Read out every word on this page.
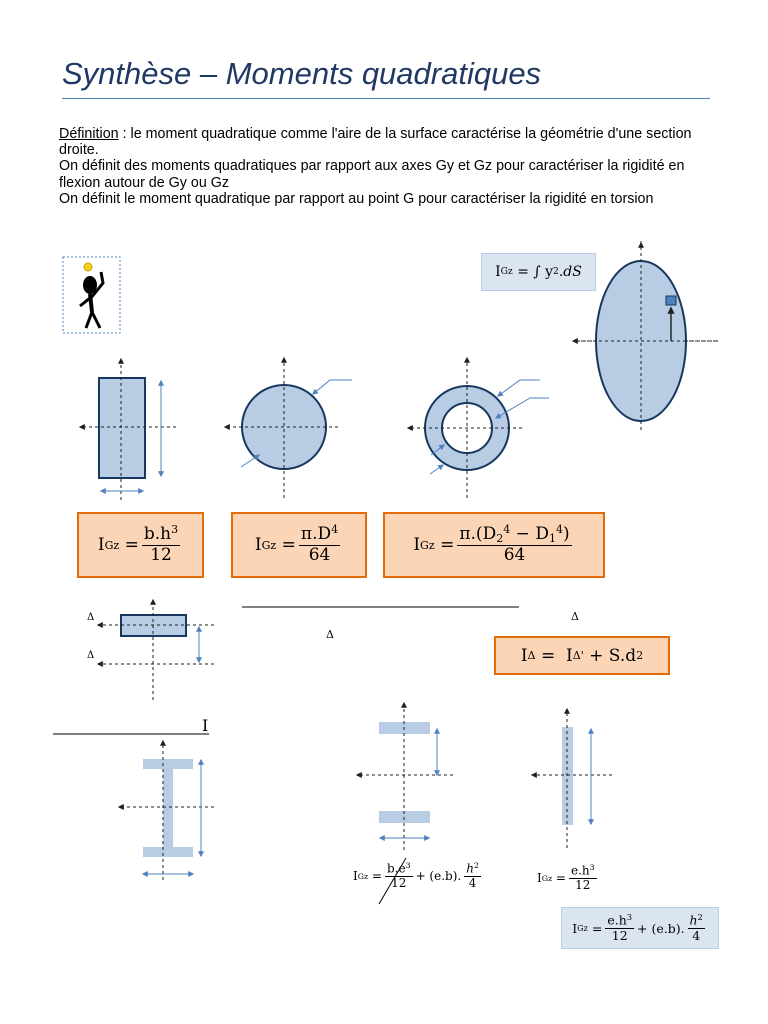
Synthèse – Moments quadratiques

Définition : le moment quadratique comme l'aire de la surface caractérise la géométrie d'une section droite.

On définit des moments quadratiques par rapport aux axes Gy et Gz pour caractériser la rigidité en flexion autour de Gy ou Gz

On définit le moment quadratique par rapport au point G pour caractériser la rigidité en torsion

I Gz
= ∫ y 2 .dS
I Gz
= $\frac{b.h^3}{12}$	I Gz
= $\frac{\pi.D^4}{64}$	I Gz
= $\frac{\pi.(D_2^4 - D_1^4)}{64}$
I Δ
=
I Δ'
+ S.d 2
Δ
Δ
Δ
Δ
I
I Gz
= $\frac{b.e^3}{12} + (e.b)$. $\frac{h^2}{4}$	I Gz
= $\frac{e.h^3}{12}$
I Gz
= $\frac{e.h^3}{12} + (e.b)$. $\frac{h^2}{4}$
